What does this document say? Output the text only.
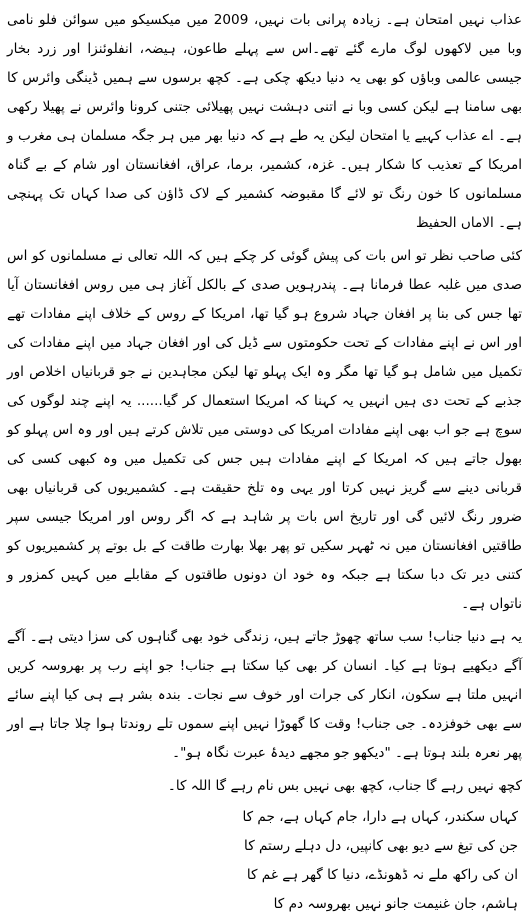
عذاب نہیں امتحان ہے۔ زیادہ پرانی بات نہیں، 2009 میں میکسیکو میں سوائن فلو نامی وبا میں لاکھوں لوگ مارے گئے تھے۔اس سے پہلے طاعون، ہیضہ، انفلوئنزا اور زرد بخار جیسی عالمی وباؤں کو بھی یہ دنیا دیکھ چکی ہے۔ کچھ برسوں سے ہمیں ڈینگی وائرس کا بھی سامنا ہے لیکن کسی وبا نے اتنی دہشت نہیں پھیلائی جتنی کرونا وائرس نے پھیلا رکھی ہے۔ اے عذاب کہیے یا امتحان لیکن یہ طے ہے کہ دنیا بھر میں ہر جگہ مسلمان ہی مغرب و امریکا کے تعذیب کا شکار ہیں۔ غزہ، کشمیر، برما، عراق، افغانستان اور شام کے بے گناہ مسلمانوں کا خون رنگ تو لائے گا مقبوضہ کشمیر کے لاک ڈاؤن کی صدا کہاں تک پہنچی ہے۔ الاماں الحفیظ

کئی صاحب نظر تو اس بات کی پیش گوئی کر چکے ہیں کہ اللہ تعالی نے مسلمانوں کو اس صدی میں غلبہ عطا فرمانا ہے۔ پندرہویں صدی کے بالکل آغاز ہی میں روس افغانستان آیا تھا جس کی بنا پر افغان جہاد شروع ہو گیا تھا، امریکا کے روس کے خلاف اپنے مفادات تھے اور اس نے اپنے مفادات کے تحت حکومتوں سے ڈیل کی اور افغان جہاد میں اپنے مفادات کی تکمیل میں شامل ہو گیا تھا مگر وہ ایک پہلو تھا لیکن مجاہدین نے جو قربانیاں اخلاص اور جذبے کے تحت دی ہیں انہیں یہ کہنا کہ امریکا استعمال کر گیا...... یہ اپنے چند لوگوں کی سوچ ہے جو اب بھی اپنے مفادات امریکا کی دوستی میں تلاش کرتے ہیں اور وہ اس پہلو کو بھول جاتے ہیں کہ امریکا کے اپنے مفادات ہیں جس کی تکمیل میں وہ کبھی کسی کی قربانی دینے سے گریز نہیں کرتا اور یہی وہ تلخ حقیقت ہے۔ کشمیریوں کی قربانیاں بھی ضرور رنگ لائیں گی اور تاریخ اس بات پر شاہد ہے کہ اگر روس اور امریکا جیسی سپر طاقتیں افغانستان میں نہ ٹھہر سکیں تو پھر بھلا بھارت طاقت کے بل بوتے پر کشمیریوں کو کتنی دیر تک دبا سکتا ہے جبکہ وہ خود ان دونوں طاقتوں کے مقابلے میں کہیں کمزور و ناتواں ہے۔

یہ ہے دنیا جناب! سب ساتھ چھوڑ جاتے ہیں، زندگی خود بھی گناہوں کی سزا دیتی ہے۔ آگے آگے دیکھیے ہوتا ہے کیا۔ انسان کر بھی کیا سکتا ہے جناب! جو اپنے رب پر بھروسہ کریں انہیں ملتا ہے سکون، انکار کی جرات اور خوف سے نجات۔ بندہ بشر ہے ہی کیا اپنے سائے سے بھی خوفزدہ۔ جی جناب! وقت کا گھوڑا نہیں اپنے سموں تلے روندتا ہوا چلا جاتا ہے اور پھر نعرہ بلند ہوتا ہے۔ "دیکھو جو مجھے دیدۂ عبرت نگاہ ہو"۔

کچھ نہیں رہے گا جناب، کچھ بھی نہیں بس نام رہے گا اللہ کا۔

کہاں سکندر، کہاں ہے دارا، جام کہاں ہے، جم کا
جن کی تیغ سے دیو بھی کانپیں، دل دہلے رستم کا
ان کی راکھ ملے نہ ڈھونڈے، دنیا کا گھر ہے غم کا
ہاشم، جان غنیمت جانو نہیں بھروسہ دم کا
